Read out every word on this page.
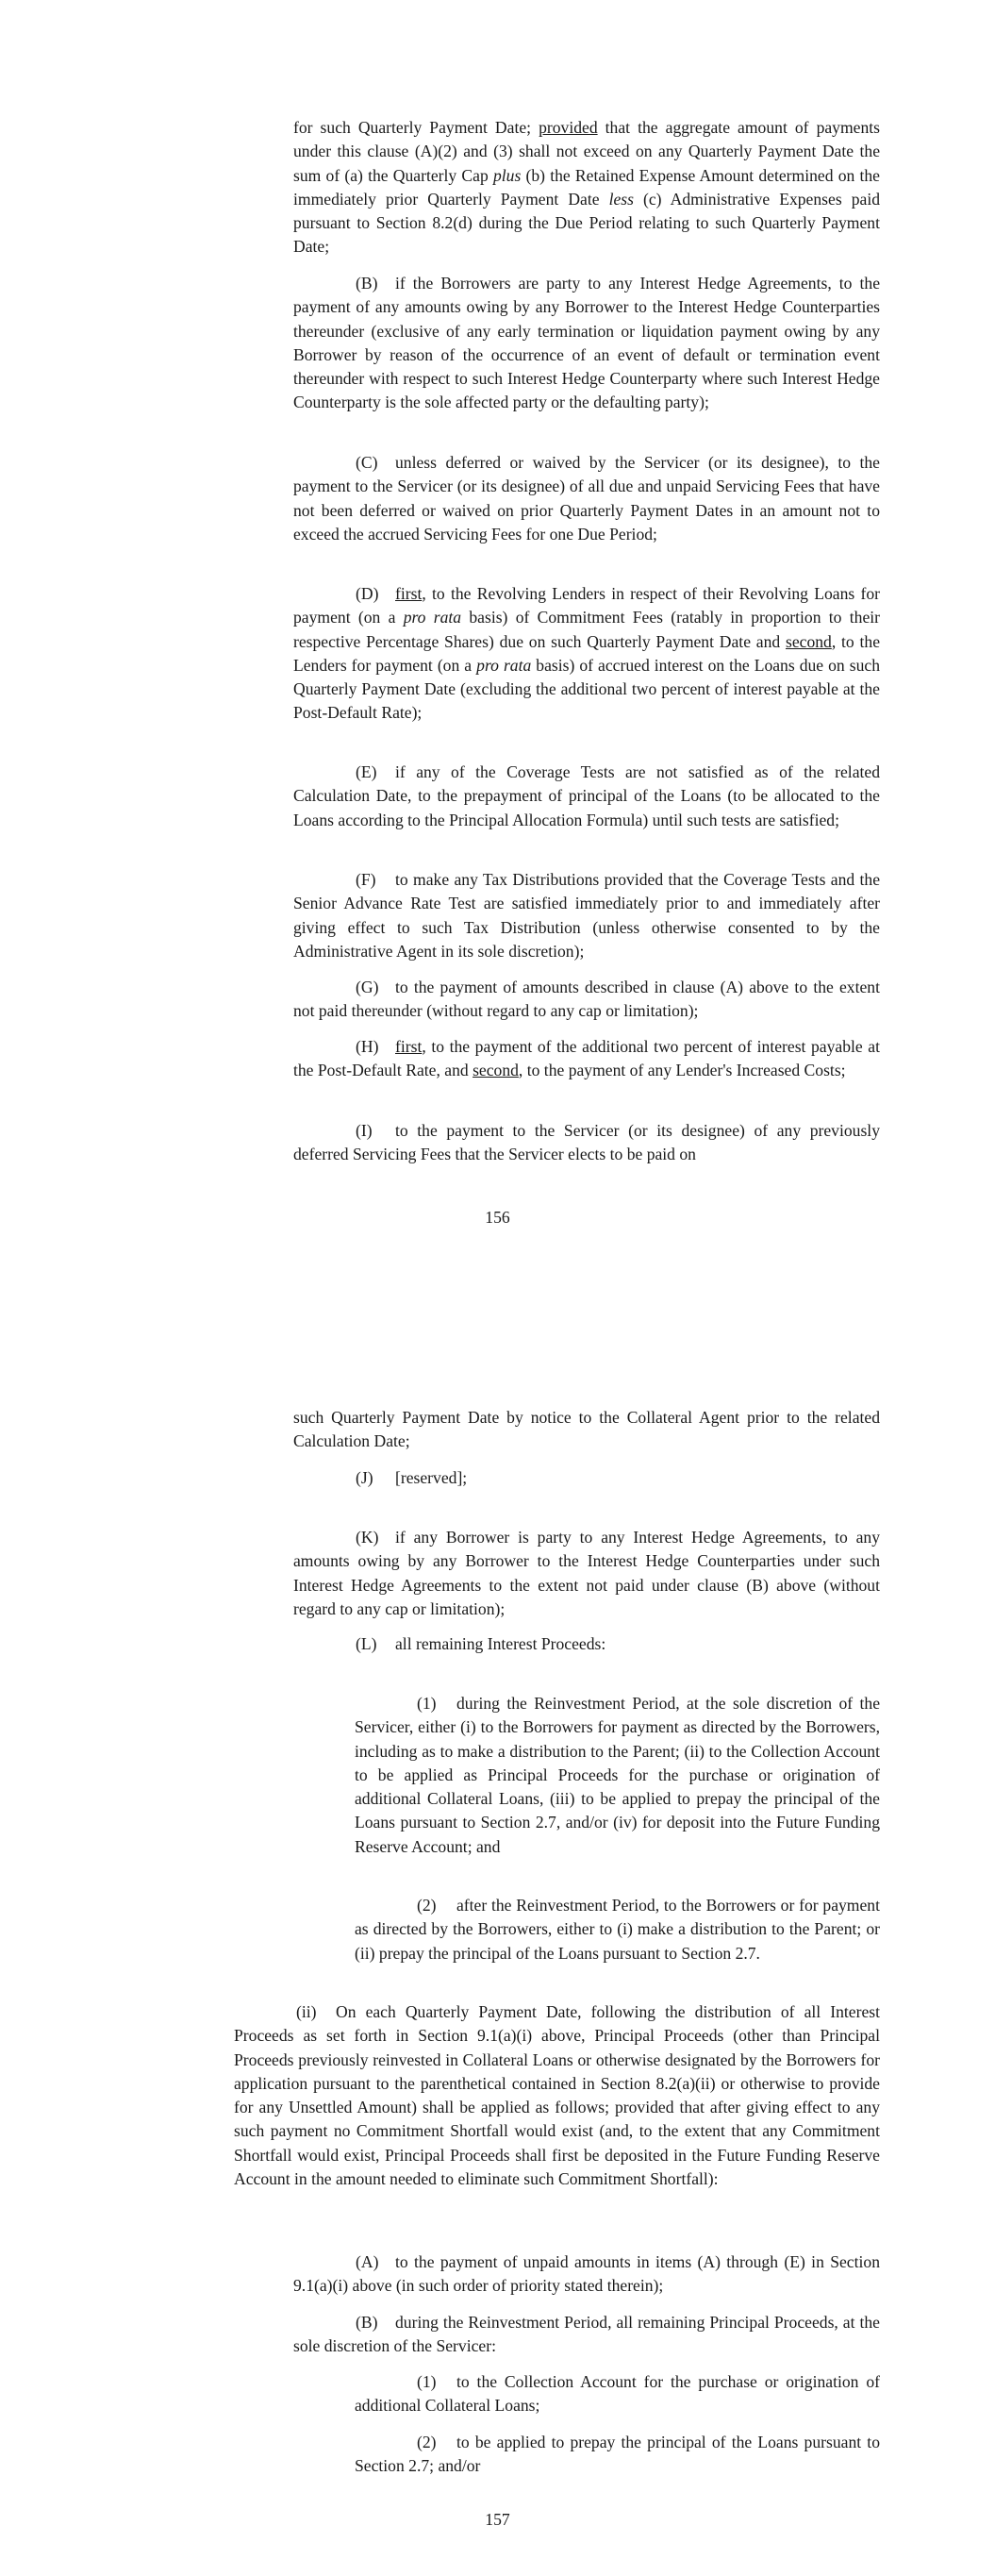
for such Quarterly Payment Date; provided that the aggregate amount of payments under this clause (A)(2) and (3) shall not exceed on any Quarterly Payment Date the sum of (a) the Quarterly Cap plus (b) the Retained Expense Amount determined on the immediately prior Quarterly Payment Date less (c) Administrative Expenses paid pursuant to Section 8.2(d) during the Due Period relating to such Quarterly Payment Date;

(B) if the Borrowers are party to any Interest Hedge Agreements, to the payment of any amounts owing by any Borrower to the Interest Hedge Counterparties thereunder (exclusive of any early termination or liquidation payment owing by any Borrower by reason of the occurrence of an event of default or termination event thereunder with respect to such Interest Hedge Counterparty where such Interest Hedge Counterparty is the sole affected party or the defaulting party);

(C) unless deferred or waived by the Servicer (or its designee), to the payment to the Servicer (or its designee) of all due and unpaid Servicing Fees that have not been deferred or waived on prior Quarterly Payment Dates in an amount not to exceed the accrued Servicing Fees for one Due Period;

(D) first, to the Revolving Lenders in respect of their Revolving Loans for payment (on a pro rata basis) of Commitment Fees (ratably in proportion to their respective Percentage Shares) due on such Quarterly Payment Date and second, to the Lenders for payment (on a pro rata basis) of accrued interest on the Loans due on such Quarterly Payment Date (excluding the additional two percent of interest payable at the Post-Default Rate);

(E) if any of the Coverage Tests are not satisfied as of the related Calculation Date, to the prepayment of principal of the Loans (to be allocated to the Loans according to the Principal Allocation Formula) until such tests are satisfied;

(F) to make any Tax Distributions provided that the Coverage Tests and the Senior Advance Rate Test are satisfied immediately prior to and immediately after giving effect to such Tax Distribution (unless otherwise consented to by the Administrative Agent in its sole discretion);

(G) to the payment of amounts described in clause (A) above to the extent not paid thereunder (without regard to any cap or limitation);

(H) first, to the payment of the additional two percent of interest payable at the Post-Default Rate, and second, to the payment of any Lender's Increased Costs;

(I) to the payment to the Servicer (or its designee) of any previously deferred Servicing Fees that the Servicer elects to be paid on

156

such Quarterly Payment Date by notice to the Collateral Agent prior to the related Calculation Date;

(J) [reserved];

(K) if any Borrower is party to any Interest Hedge Agreements, to any amounts owing by any Borrower to the Interest Hedge Counterparties under such Interest Hedge Agreements to the extent not paid under clause (B) above (without regard to any cap or limitation);

(L) all remaining Interest Proceeds:

(1) during the Reinvestment Period, at the sole discretion of the Servicer, either (i) to the Borrowers for payment as directed by the Borrowers, including as to make a distribution to the Parent; (ii) to the Collection Account to be applied as Principal Proceeds for the purchase or origination of additional Collateral Loans, (iii) to be applied to prepay the principal of the Loans pursuant to Section 2.7, and/or (iv) for deposit into the Future Funding Reserve Account; and

(2) after the Reinvestment Period, to the Borrowers or for payment as directed by the Borrowers, either to (i) make a distribution to the Parent; or (ii) prepay the principal of the Loans pursuant to Section 2.7.

(ii) On each Quarterly Payment Date, following the distribution of all Interest Proceeds as set forth in Section 9.1(a)(i) above, Principal Proceeds (other than Principal Proceeds previously reinvested in Collateral Loans or otherwise designated by the Borrowers for application pursuant to the parenthetical contained in Section 8.2(a)(ii) or otherwise to provide for any Unsettled Amount) shall be applied as follows; provided that after giving effect to any such payment no Commitment Shortfall would exist (and, to the extent that any Commitment Shortfall would exist, Principal Proceeds shall first be deposited in the Future Funding Reserve Account in the amount needed to eliminate such Commitment Shortfall):

(A) to the payment of unpaid amounts in items (A) through (E) in Section 9.1(a)(i) above (in such order of priority stated therein);

(B) during the Reinvestment Period, all remaining Principal Proceeds, at the sole discretion of the Servicer:

(1) to the Collection Account for the purchase or origination of additional Collateral Loans;

(2) to be applied to prepay the principal of the Loans pursuant to Section 2.7; and/or

157
